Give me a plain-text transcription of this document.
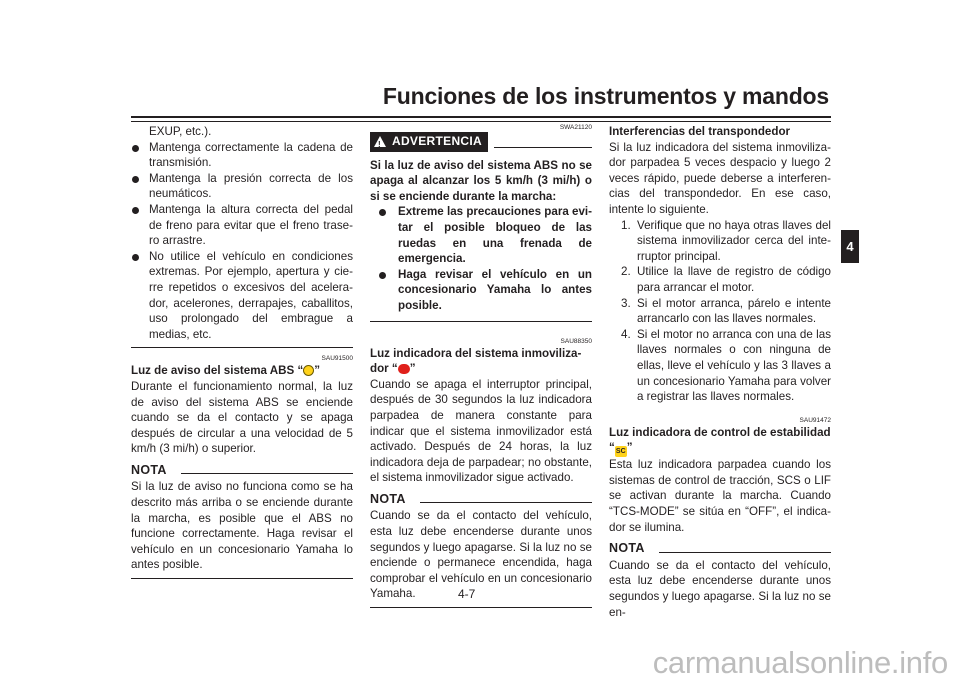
Funciones de los instrumentos y mandos
4

EXUP, etc.).

Mantenga correctamente la cadena de transmisión.

Mantenga la presión correcta de los neumáticos.

Mantenga la altura correcta del pedal de freno para evitar que el freno trasero arrastre.

No utilice el vehículo en condiciones extremas. Por ejemplo, apertura y cierre repetidos o excesivos del acelerador, acelerones, derrapajes, caballitos, uso prolongado del embrague a medias, etc.

SAU91500

Luz de aviso del sistema ABS “ ”

Durante el funcionamiento normal, la luz de aviso del sistema ABS se enciende cuando se da el contacto y se apaga después de circular a una velocidad de 5 km/h (3 mi/h) o superior.

NOTA

Si la luz de aviso no funciona como se ha descrito más arriba o se enciende durante la marcha, es posible que el ABS no funcione correctamente. Haga revisar el vehículo en un concesionario Yamaha lo antes posible.

SWA21120
! ADVERTENCIA

Si la luz de aviso del sistema ABS no se apaga al alcanzar los 5 km/h (3 mi/h) o si se enciende durante la marcha:

Extreme las precauciones para evitar el posible bloqueo de las ruedas en una frenada de emergencia.

Haga revisar el vehículo en un concesionario Yamaha lo antes posible.

SAU88350

Luz indicadora del sistema inmovilizador “ ”

Cuando se apaga el interruptor principal, después de 30 segundos la luz indicadora parpadea de manera constante para indicar que el sistema inmovilizador está activado. Después de 24 horas, la luz indicadora deja de parpadear; no obstante, el sistema inmovilizador sigue activado.

NOTA

Cuando se da el contacto del vehículo, esta luz debe encenderse durante unos segundos y luego apagarse. Si la luz no se enciende o permanece encendida, haga comprobar el vehículo en un concesionario Yamaha.

Interferencias del transpondedor

Si la luz indicadora del sistema inmovilizador parpadea 5 veces despacio y luego 2 veces rápido, puede deberse a interferencias del transpondedor. En ese caso, intente lo siguiente.

1. Verifique que no haya otras llaves del sistema inmovilizador cerca del interruptor principal.

2. Utilice la llave de registro de código para arrancar el motor.

3. Si el motor arranca, párelo e intente arrancarlo con las llaves normales.

4. Si el motor no arranca con una de las llaves normales o con ninguna de ellas, lleve el vehículo y las 3 llaves a un concesionario Yamaha para volver a registrar las llaves normales.

SAU91472

Luz indicadora de control de estabilidad

“SC”

Esta luz indicadora parpadea cuando los sistemas de control de tracción, SCS o LIF se activan durante la marcha. Cuando “TCS-MODE” se sitúa en “OFF”, el indicador se ilumina.

NOTA

Cuando se da el contacto del vehículo, esta luz debe encenderse durante unos segundos y luego apagarse. Si la luz no se en-

4-7
carmanualsonline.info
